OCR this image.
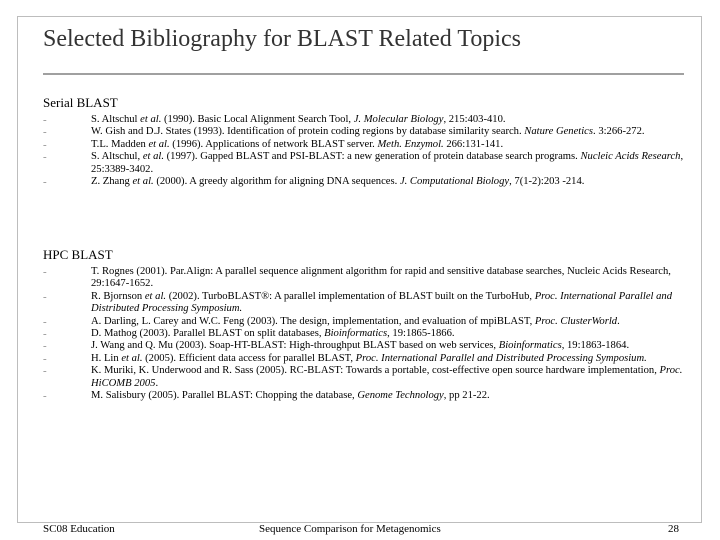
Selected Bibliography for BLAST Related Topics
Serial BLAST
-	S. Altschul et al. (1990). Basic Local Alignment Search Tool, J. Molecular Biology, 215:403-410.
-	W. Gish and D.J. States (1993). Identification of protein coding regions by database similarity search. Nature Genetics. 3:266-272.
-	T.L. Madden et al. (1996). Applications of network BLAST server. Meth. Enzymol. 266:131-141.
-	S. Altschul, et al. (1997). Gapped BLAST and PSI-BLAST: a new generation of protein database search programs. Nucleic Acids Research, 25:3389-3402.
-	Z. Zhang et al. (2000). A greedy algorithm for aligning DNA sequences. J. Computational Biology, 7(1-2):203 -214.
HPC BLAST
-	T. Rognes (2001). Par.Align: A parallel sequence alignment algorithm for rapid and sensitive database searches, Nucleic Acids Research, 29:1647-1652.
-	R. Bjornson et al. (2002). TurboBLAST®: A parallel implementation of BLAST built on the TurboHub, Proc. International Parallel and Distributed Processing Symposium.
-	A. Darling, L. Carey and W.C. Feng (2003). The design, implementation, and evaluation of mpiBLAST, Proc. ClusterWorld.
-	D. Mathog (2003). Parallel BLAST on split databases, Bioinformatics, 19:1865-1866.
-	J. Wang and Q. Mu (2003). Soap-HT-BLAST: High-throughput BLAST based on web services, Bioinformatics, 19:1863-1864.
-	H. Lin et al. (2005). Efficient data access for parallel BLAST, Proc. International Parallel and Distributed Processing Symposium.
-	K. Muriki, K. Underwood and R. Sass (2005). RC-BLAST: Towards a portable, cost-effective open source hardware implementation, Proc. HiCOMB 2005.
-	M. Salisbury (2005). Parallel BLAST: Chopping the database, Genome Technology, pp 21-22.
SC08 Education	Sequence Comparison for Metagenomics	28
